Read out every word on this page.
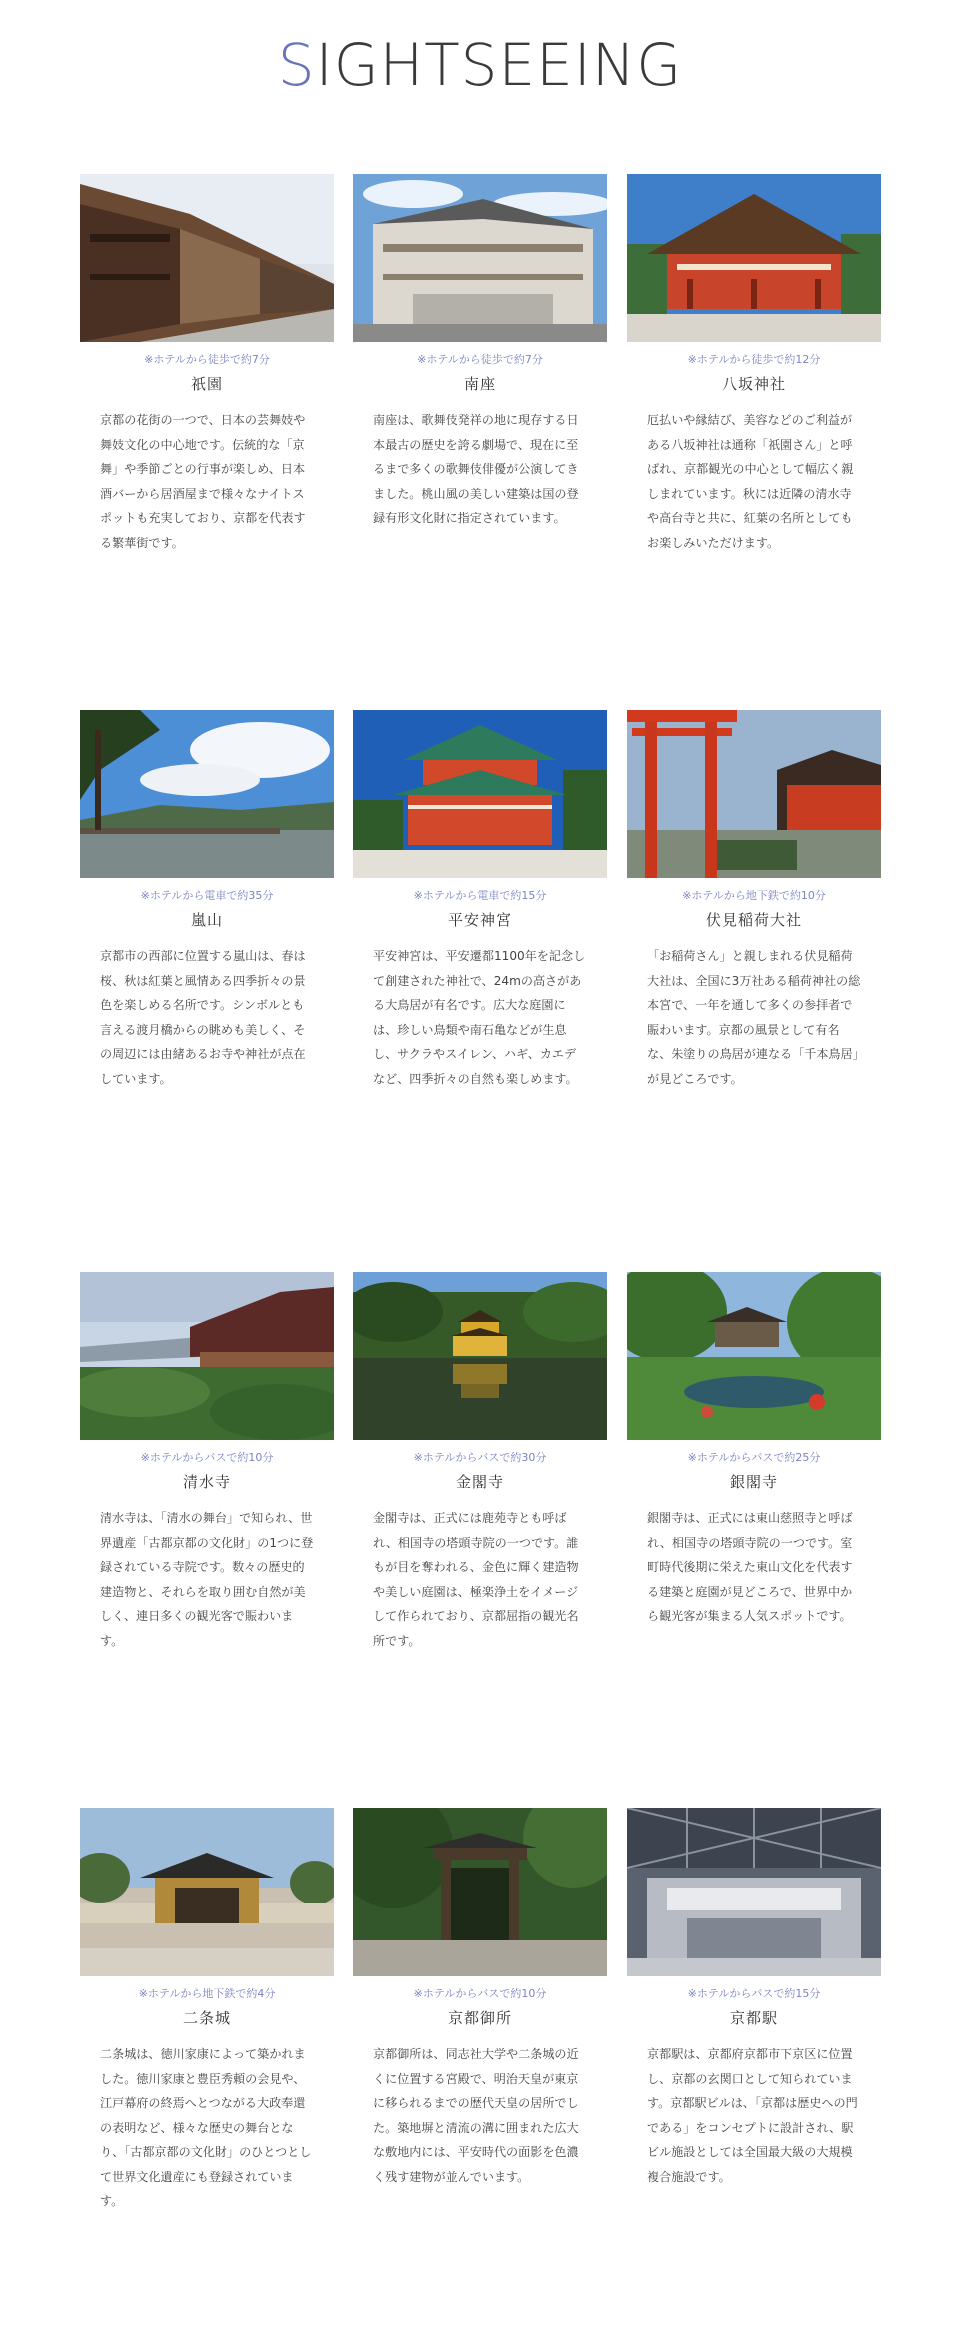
SIGHTSEEING
※ホテルから徒歩で約7分
祇園

京都の花街の一つで、日本の芸舞妓や舞妓文化の中心地です。伝統的な「京舞」や季節ごとの行事が楽しめ、日本酒バーから居酒屋まで様々なナイトスポットも充実しており、京都を代表する繁華街です。

※ホテルから徒歩で約7分
南座

南座は、歌舞伎発祥の地に現存する日本最古の歴史を誇る劇場で、現在に至るまで多くの歌舞伎俳優が公演してきました。桃山風の美しい建築は国の登録有形文化財に指定されています。

※ホテルから徒歩で約12分
八坂神社

厄払いや縁結び、美容などのご利益がある八坂神社は通称「祇園さん」と呼ばれ、京都観光の中心として幅広く親しまれています。秋には近隣の清水寺や高台寺と共に、紅葉の名所としてもお楽しみいただけます。

※ホテルから電車で約35分
嵐山

京都市の西部に位置する嵐山は、春は桜、秋は紅葉と風情ある四季折々の景色を楽しめる名所です。シンボルとも言える渡月橋からの眺めも美しく、その周辺には由緒あるお寺や神社が点在しています。

※ホテルから電車で約15分
平安神宮

平安神宮は、平安遷都1100年を記念して創建された神社で、24mの高さがある大鳥居が有名です。広大な庭園には、珍しい鳥類や南石亀などが生息し、サクラやスイレン、ハギ、カエデなど、四季折々の自然も楽しめます。

※ホテルから地下鉄で約10分
伏見稲荷大社

「お稲荷さん」と親しまれる伏見稲荷大社は、全国に3万社ある稲荷神社の総本宮で、一年を通して多くの参拝者で賑わいます。京都の風景として有名な、朱塗りの鳥居が連なる「千本鳥居」が見どころです。

※ホテルからバスで約10分
清水寺

清水寺は、「清水の舞台」で知られ、世界遺産「古都京都の文化財」の1つに登録されている寺院です。数々の歴史的建造物と、それらを取り囲む自然が美しく、連日多くの観光客で賑わいます。

※ホテルからバスで約30分
金閣寺

金閣寺は、正式には鹿苑寺とも呼ばれ、相国寺の塔頭寺院の一つです。誰もが目を奪われる、金色に輝く建造物や美しい庭園は、極楽浄土をイメージして作られており、京都屈指の観光名所です。

※ホテルからバスで約25分
銀閣寺

銀閣寺は、正式には東山慈照寺と呼ばれ、相国寺の塔頭寺院の一つです。室町時代後期に栄えた東山文化を代表する建築と庭園が見どころで、世界中から観光客が集まる人気スポットです。

※ホテルから地下鉄で約4分
二条城

二条城は、徳川家康によって築かれました。徳川家康と豊臣秀頼の会見や、江戸幕府の終焉へとつながる大政奉還の表明など、様々な歴史の舞台となり、「古都京都の文化財」のひとつとして世界文化遺産にも登録されています。

※ホテルからバスで約10分
京都御所

京都御所は、同志社大学や二条城の近くに位置する宮殿で、明治天皇が東京に移られるまでの歴代天皇の居所でした。築地塀と清流の溝に囲まれた広大な敷地内には、平安時代の面影を色濃く残す建物が並んでいます。

※ホテルからバスで約15分
京都駅

京都駅は、京都府京都市下京区に位置し、京都の玄関口として知られています。京都駅ビルは、「京都は歴史への門である」をコンセプトに設計され、駅ビル施設としては全国最大級の大規模複合施設です。
